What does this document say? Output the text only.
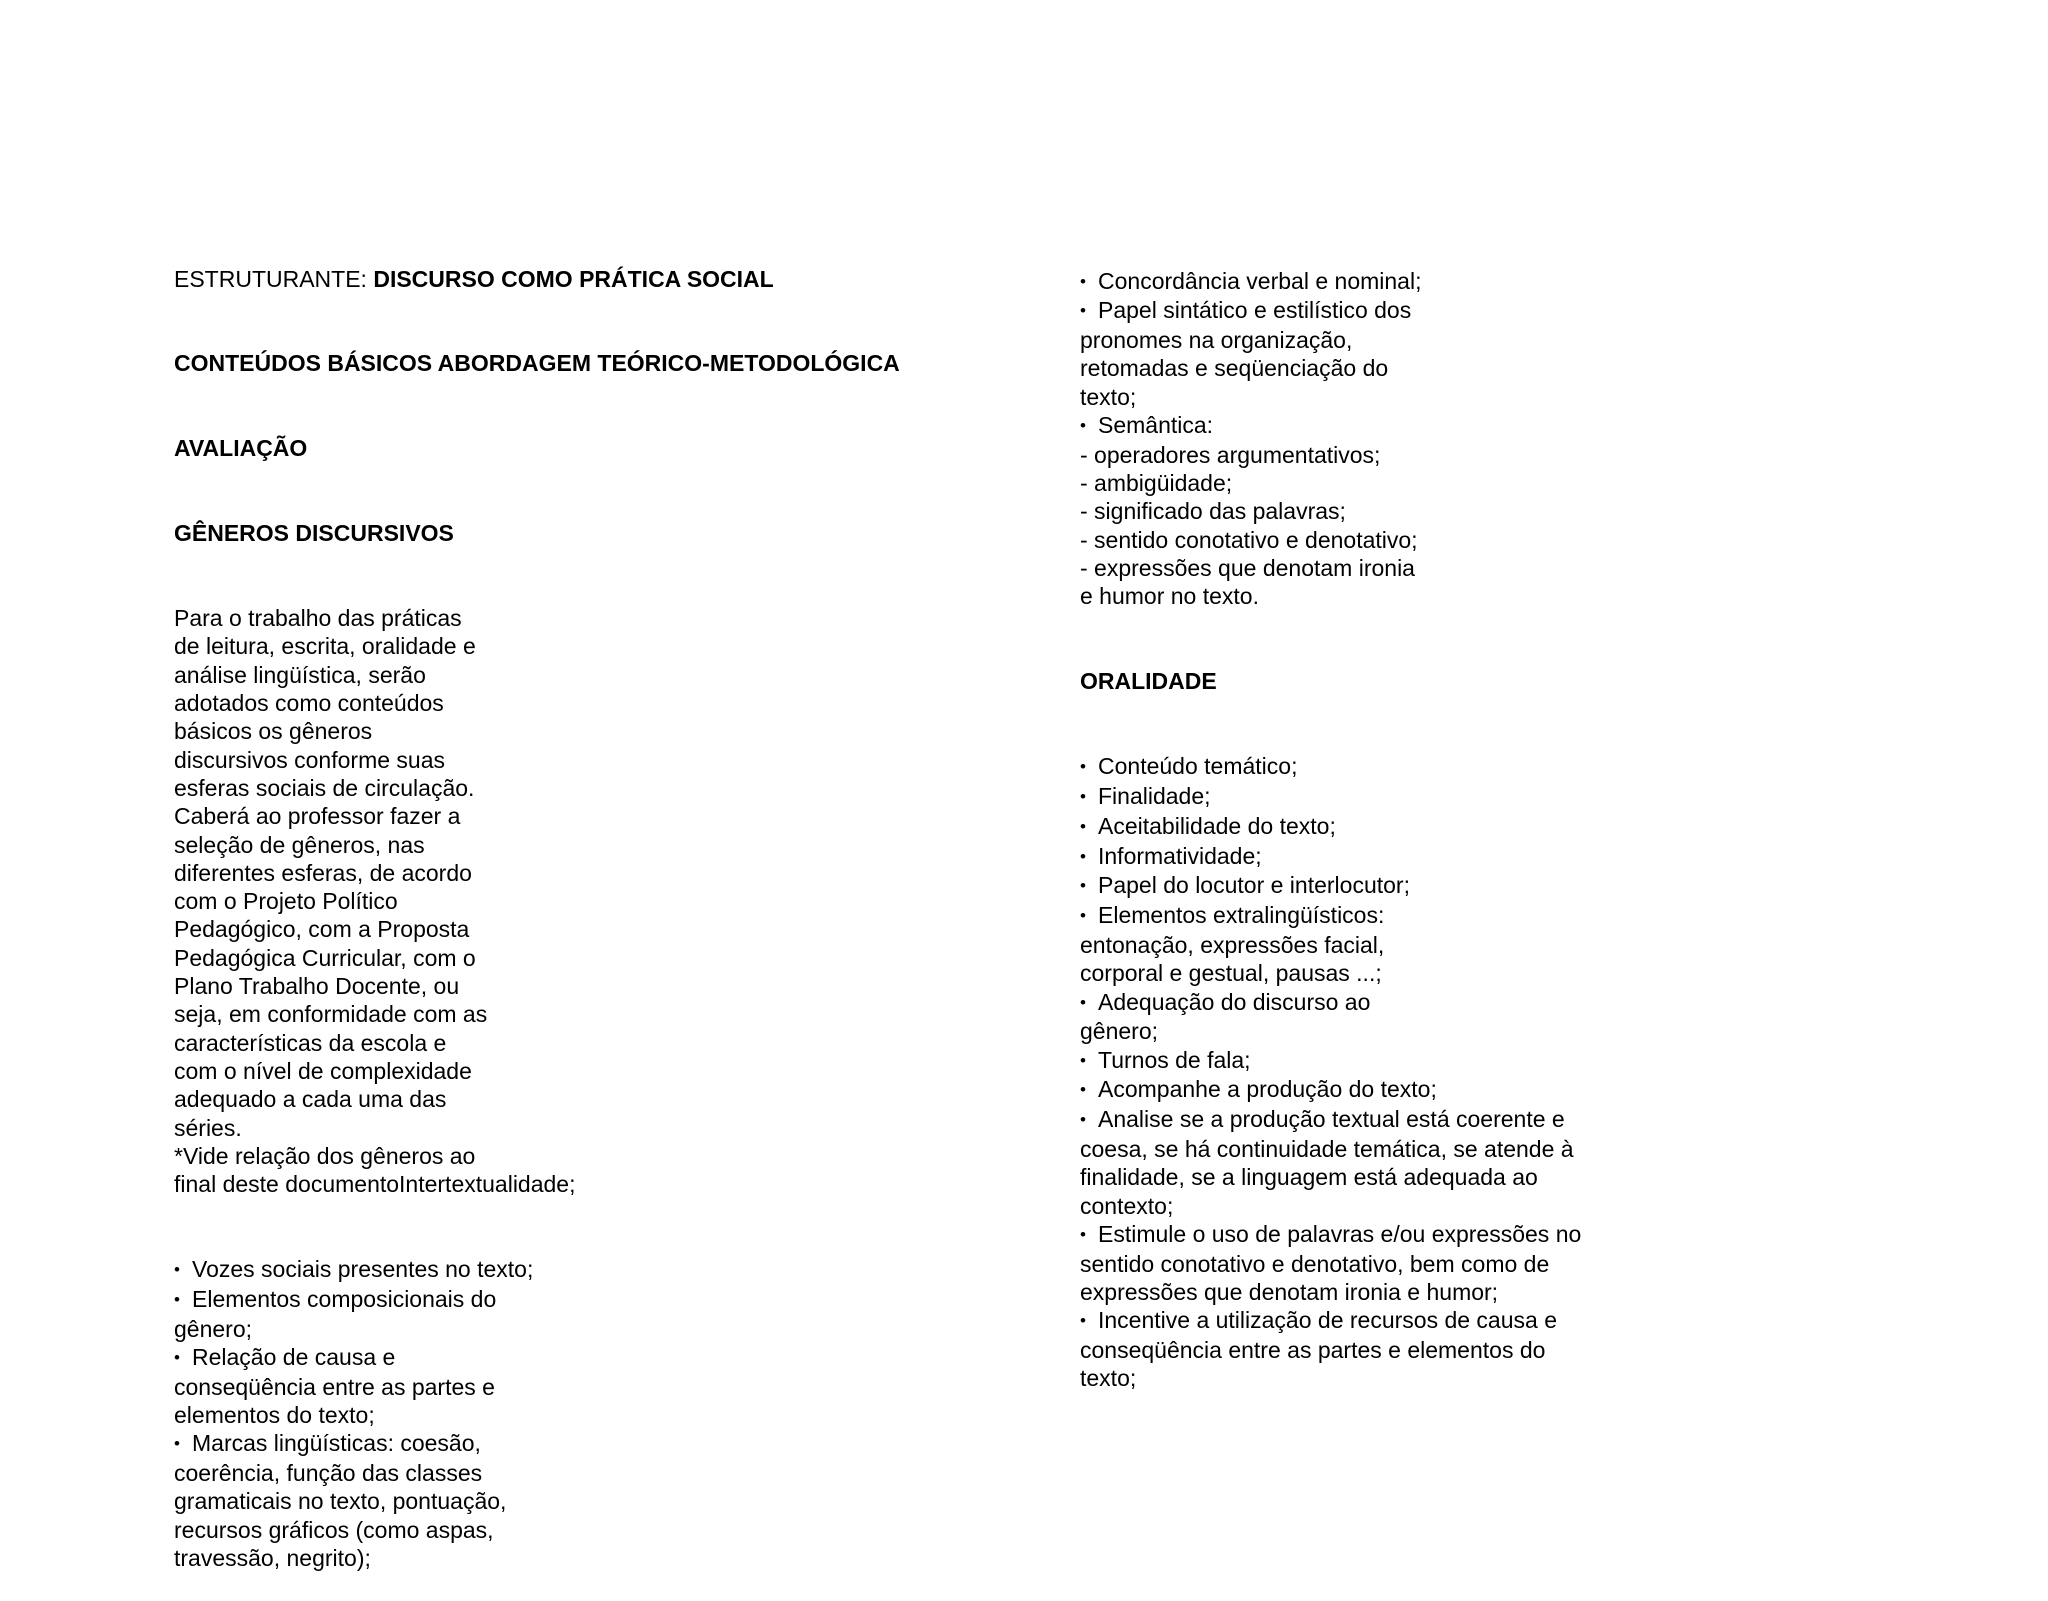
ESTRUTURANTE: DISCURSO COMO PRÁTICA SOCIAL

CONTEÚDOS BÁSICOS ABORDAGEM TEÓRICO-METODOLÓGICA

AVALIAÇÃO

GÊNEROS DISCURSIVOS

Para o trabalho das práticas
de leitura, escrita, oralidade e
análise lingüística, serão
adotados como conteúdos
básicos os gêneros
discursivos conforme suas
esferas sociais de circulação.
Caberá ao professor fazer a
seleção de gêneros, nas
diferentes esferas, de acordo
com o Projeto Político
Pedagógico, com a Proposta
Pedagógica Curricular, com o
Plano Trabalho Docente, ou
seja, em conformidade com as
características da escola e
com o nível de complexidade
adequado a cada uma das
séries.
*Vide relação dos gêneros ao
final deste documentoIntertextualidade;

• Vozes sociais presentes no texto;
• Elementos composicionais do
gênero;
• Relação de causa e
conseqüência entre as partes e
elementos do texto;
• Marcas lingüísticas: coesão,
coerência, função das classes
gramaticais no texto, pontuação,
recursos gráficos (como aspas,
travessão, negrito);

• Concordância verbal e nominal;
• Papel sintático e estilístico dos
pronomes na organização,
retomadas e seqüenciação do
texto;
• Semântica:
- operadores argumentativos;
- ambigüidade;
- significado das palavras;
- sentido conotativo e denotativo;
- expressões que denotam ironia
e humor no texto.

ORALIDADE

• Conteúdo temático;
• Finalidade;
• Aceitabilidade do texto;
• Informatividade;
• Papel do locutor e interlocutor;
• Elementos extralingüísticos:
entonação, expressões facial,
corporal e gestual, pausas ...;
• Adequação do discurso ao
gênero;
• Turnos de fala;
• Acompanhe a produção do texto;
• Analise se a produção textual está coerente e
coesa, se há continuidade temática, se atende à
finalidade, se a linguagem está adequada ao
contexto;
• Estimule o uso de palavras e/ou expressões no
sentido conotativo e denotativo, bem como de
expressões que denotam ironia e humor;
• Incentive a utilização de recursos de causa e
conseqüência entre as partes e elementos do
texto;
